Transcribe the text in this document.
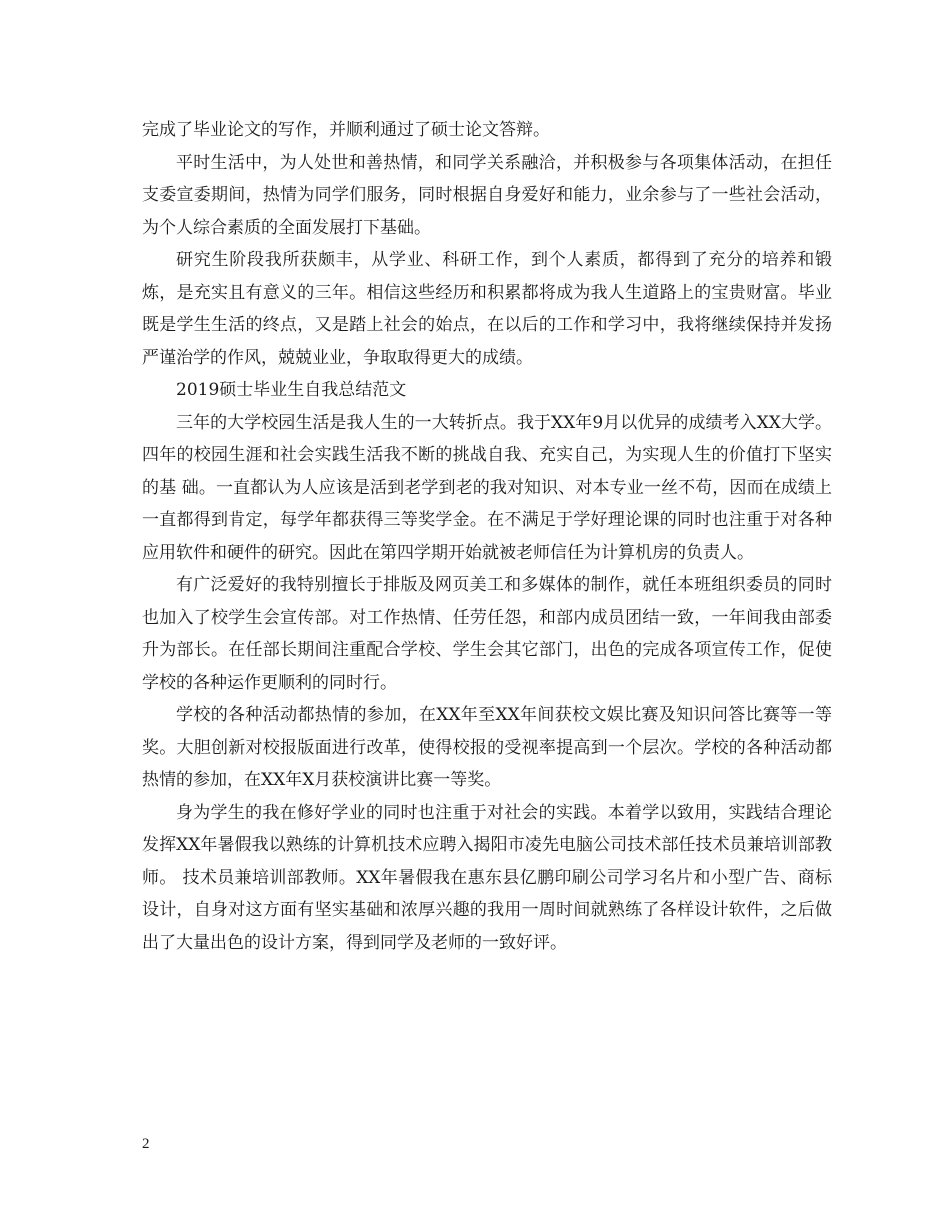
完成了毕业论文的写作，并顺利通过了硕士论文答辩。

平时生活中，为人处世和善热情，和同学关系融洽，并积极参与各项集体活动，在担任支委宣委期间，热情为同学们服务，同时根据自身爱好和能力，业余参与了一些社会活动，为个人综合素质的全面发展打下基础。

研究生阶段我所获颇丰，从学业、科研工作，到个人素质，都得到了充分的培养和锻炼，是充实且有意义的三年。相信这些经历和积累都将成为我人生道路上的宝贵财富。毕业既是学生生活的终点，又是踏上社会的始点，在以后的工作和学习中，我将继续保持并发扬严谨治学的作风，兢兢业业，争取取得更大的成绩。

2019硕士毕业生自我总结范文

三年的大学校园生活是我人生的一大转折点。我于XX年9月以优异的成绩考入XX大学。四年的校园生涯和社会实践生活我不断的挑战自我、充实自己，为实现人生的价值打下坚实的基 础。一直都认为人应该是活到老学到老的我对知识、对本专业一丝不苟，因而在成绩上一直都得到肯定，每学年都获得三等奖学金。在不满足于学好理论课的同时也注重于对各种应用软件和硬件的研究。因此在第四学期开始就被老师信任为计算机房的负责人。

有广泛爱好的我特别擅长于排版及网页美工和多媒体的制作，就任本班组织委员的同时也加入了校学生会宣传部。对工作热情、任劳任怨，和部内成员团结一致，一年间我由部委升为部长。在任部长期间注重配合学校、学生会其它部门，出色的完成各项宣传工作，促使学校的各种运作更顺利的同时行。

学校的各种活动都热情的参加，在XX年至XX年间获校文娱比赛及知识问答比赛等一等奖。大胆创新对校报版面进行改革，使得校报的受视率提高到一个层次。学校的各种活动都热情的参加，在XX年X月获校演讲比赛一等奖。

身为学生的我在修好学业的同时也注重于对社会的实践。本着学以致用，实践结合理论发挥XX年暑假我以熟练的计算机技术应聘入揭阳市凌先电脑公司技术部任技术员兼培训部教师。 技术员兼培训部教师。XX年暑假我在惠东县亿鹏印刷公司学习名片和小型广告、商标设计，自身对这方面有坚实基础和浓厚兴趣的我用一周时间就熟练了各样设计软件，之后做出了大量出色的设计方案，得到同学及老师的一致好评。

2
